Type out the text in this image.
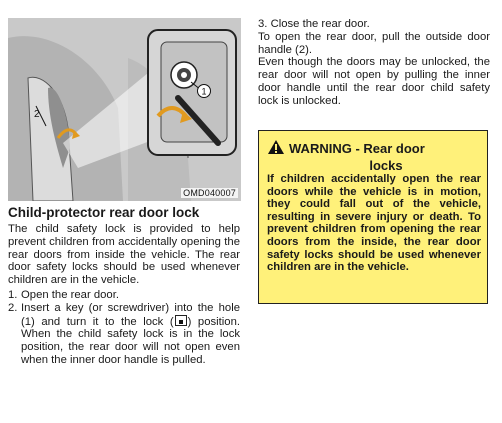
1
2
OMD040007
Child-protector rear door lock

The child safety lock is provided to help prevent children from accidentally opening the rear doors from inside the vehicle. The rear door safety locks should be used whenever children are in the vehicle.

1. Open the rear door.
2. Insert a key (or screwdriver) into the hole (1) and turn it to the lock ( ) position. When the child safety lock is in the lock position, the rear door will not open even when the inner door handle is pulled.

3. Close the rear door.

To open the rear door, pull the outside door handle (2).

Even though the doors may be unlocked, the rear door will not open by pulling the inner door handle until the rear door child safety lock is unlocked.

WARNING - Rear door
locks
If children accidentally open the rear doors while the vehicle is in motion, they could fall out of the vehicle, resulting in severe injury or death. To prevent children from opening the rear doors from the inside, the rear door safety locks should be used whenever children are in the vehicle.
